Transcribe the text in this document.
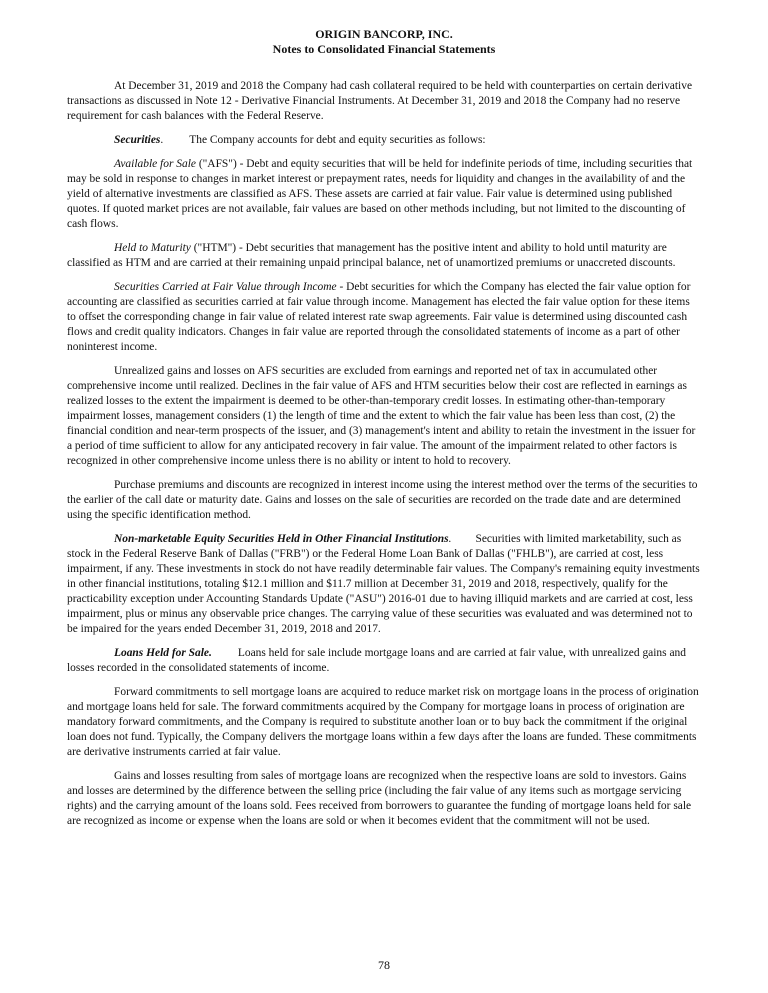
ORIGIN BANCORP, INC.
Notes to Consolidated Financial Statements

At December 31, 2019 and 2018 the Company had cash collateral required to be held with counterparties on certain derivative transactions as discussed in Note 12 - Derivative Financial Instruments. At December 31, 2019 and 2018 the Company had no reserve requirement for cash balances with the Federal Reserve.

Securities. The Company accounts for debt and equity securities as follows:

Available for Sale ("AFS") - Debt and equity securities that will be held for indefinite periods of time, including securities that may be sold in response to changes in market interest or prepayment rates, needs for liquidity and changes in the availability of and the yield of alternative investments are classified as AFS. These assets are carried at fair value. Fair value is determined using published quotes. If quoted market prices are not available, fair values are based on other methods including, but not limited to the discounting of cash flows.

Held to Maturity ("HTM") - Debt securities that management has the positive intent and ability to hold until maturity are classified as HTM and are carried at their remaining unpaid principal balance, net of unamortized premiums or unaccreted discounts.

Securities Carried at Fair Value through Income - Debt securities for which the Company has elected the fair value option for accounting are classified as securities carried at fair value through income. Management has elected the fair value option for these items to offset the corresponding change in fair value of related interest rate swap agreements. Fair value is determined using discounted cash flows and credit quality indicators. Changes in fair value are reported through the consolidated statements of income as a part of other noninterest income.

Unrealized gains and losses on AFS securities are excluded from earnings and reported net of tax in accumulated other comprehensive income until realized. Declines in the fair value of AFS and HTM securities below their cost are reflected in earnings as realized losses to the extent the impairment is deemed to be other-than-temporary credit losses. In estimating other-than-temporary impairment losses, management considers (1) the length of time and the extent to which the fair value has been less than cost, (2) the financial condition and near-term prospects of the issuer, and (3) management's intent and ability to retain the investment in the issuer for a period of time sufficient to allow for any anticipated recovery in fair value. The amount of the impairment related to other factors is recognized in other comprehensive income unless there is no ability or intent to hold to recovery.

Purchase premiums and discounts are recognized in interest income using the interest method over the terms of the securities to the earlier of the call date or maturity date. Gains and losses on the sale of securities are recorded on the trade date and are determined using the specific identification method.

Non-marketable Equity Securities Held in Other Financial Institutions. Securities with limited marketability, such as stock in the Federal Reserve Bank of Dallas ("FRB") or the Federal Home Loan Bank of Dallas ("FHLB"), are carried at cost, less impairment, if any. These investments in stock do not have readily determinable fair values. The Company's remaining equity investments in other financial institutions, totaling $12.1 million and $11.7 million at December 31, 2019 and 2018, respectively, qualify for the practicability exception under Accounting Standards Update ("ASU") 2016-01 due to having illiquid markets and are carried at cost, less impairment, plus or minus any observable price changes. The carrying value of these securities was evaluated and was determined not to be impaired for the years ended December 31, 2019, 2018 and 2017.

Loans Held for Sale. Loans held for sale include mortgage loans and are carried at fair value, with unrealized gains and losses recorded in the consolidated statements of income.

Forward commitments to sell mortgage loans are acquired to reduce market risk on mortgage loans in the process of origination and mortgage loans held for sale. The forward commitments acquired by the Company for mortgage loans in process of origination are mandatory forward commitments, and the Company is required to substitute another loan or to buy back the commitment if the original loan does not fund. Typically, the Company delivers the mortgage loans within a few days after the loans are funded. These commitments are derivative instruments carried at fair value.

Gains and losses resulting from sales of mortgage loans are recognized when the respective loans are sold to investors. Gains and losses are determined by the difference between the selling price (including the fair value of any items such as mortgage servicing rights) and the carrying amount of the loans sold. Fees received from borrowers to guarantee the funding of mortgage loans held for sale are recognized as income or expense when the loans are sold or when it becomes evident that the commitment will not be used.

78
